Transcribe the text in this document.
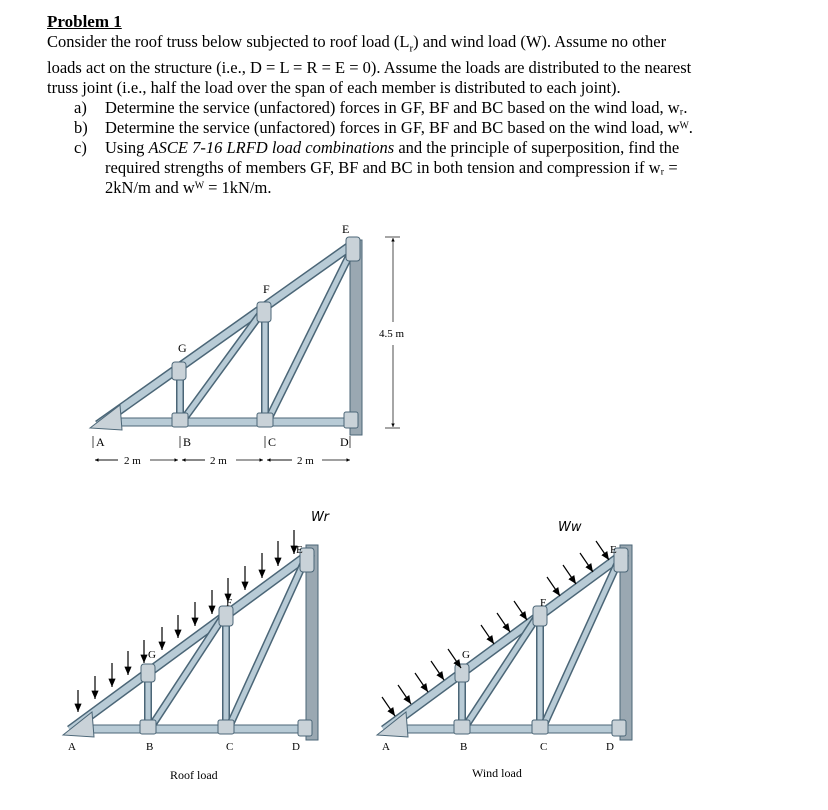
Problem 1

Consider the roof truss below subjected to roof load $(L_r)$ and wind load (W). Assume no other

loads act on the structure (i.e., D = L = R = E = 0). Assume the loads are distributed to the nearest

truss joint (i.e., half the load over the span of each member is distributed to each joint).

a) Determine the service (unfactored) forces in GF, BF and BC based on the wind load, wᵣ.
b) Determine the service (unfactored) forces in GF, BF and BC based on the wind load, wᵂ.
c) Using ASCE 7-16 LRFD load combinations and the principle of superposition, find the
required strengths of members GF, BF and BC in both tension and compression if wᵣ =
2kN/m and wᵂ = 1kN/m.
A	B	C	D
E
F
G
2 m	2 m	2 m
4.5 m
Wr
A	B	C	D
E
F
G
Roof load
Ww
A	B	C	D
E
F
G
Wind load
